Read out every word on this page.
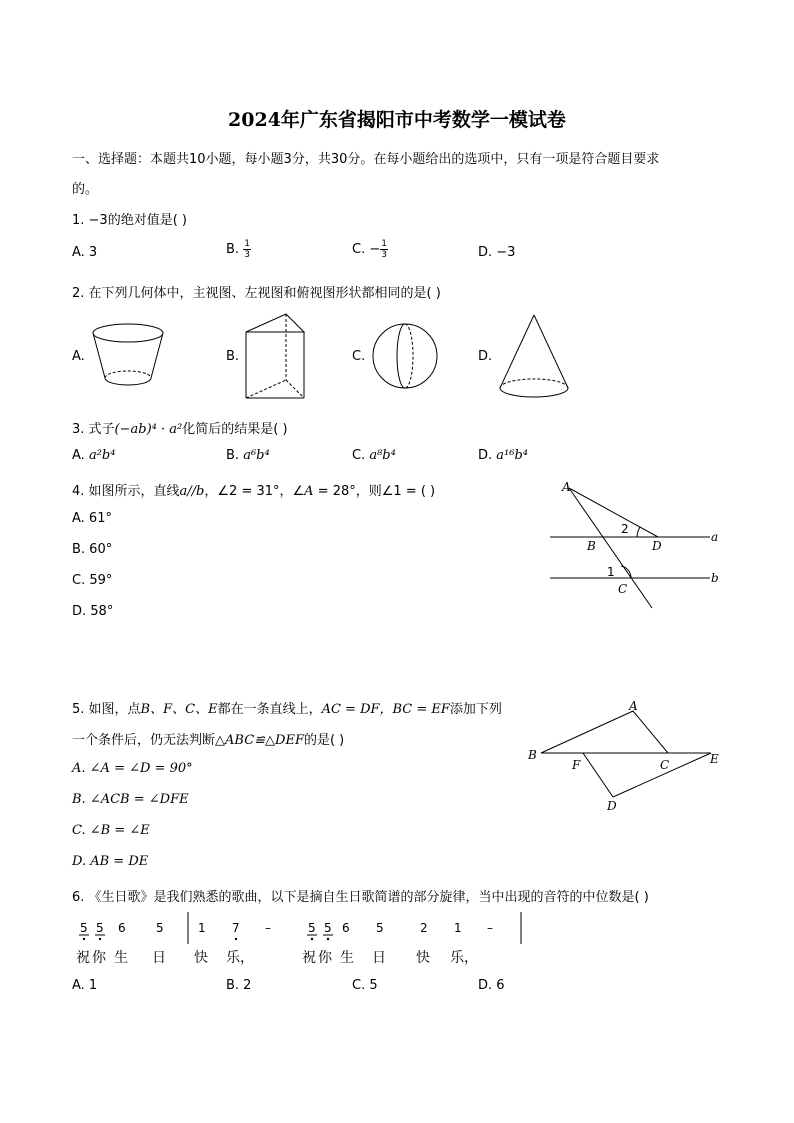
2024年广东省揭阳市中考数学一模试卷
一、选择题：本题共10小题，每小题3分，共30分。在每小题给出的选项中，只有一项是符合题目要求
的。
1. −3的绝对值是( )
A. 3	B. $\frac{1}{3}$	C. − $\frac{1}{3}$	D. −3
2. 在下列几何体中，主视图、左视图和俯视图形状都相同的是( )
A.	B.	C.	D.
3. 式子(−ab)⁴ · a²化简后的结果是( )
A. a²b⁴	B. a⁶b⁴	C. a⁸b⁴	D. a¹⁶b⁴
4. 如图所示，直线a//b，∠2 = 31°，∠A = 28°，则∠1 = ( )
A. 61°
B. 60°
C. 59°
D. 58°
A
B	D
a
b
C
1
2
5. 如图，点B、F、C、E都在一条直线上，AC = DF，BC = EF添加下列
一个条件后，仍无法判断△ABC≌△DEF的是( )
A. ∠A = ∠D = 90°
B. ∠ACB = ∠DFE
C. ∠B = ∠E
D. AB = DE
A
B
F	C	E
D
6. 《生日歌》是我们熟悉的歌曲，以下是摘自生日歌简谱的部分旋律，当中出现的音符的中位数是( )
5 5 6	5	1 7 –	5 5 6 5	2 1 –
祝 你 生 日 快 乐，	祝 你 生 日 快 乐，
A. 1	B. 2	C. 5	D. 6
